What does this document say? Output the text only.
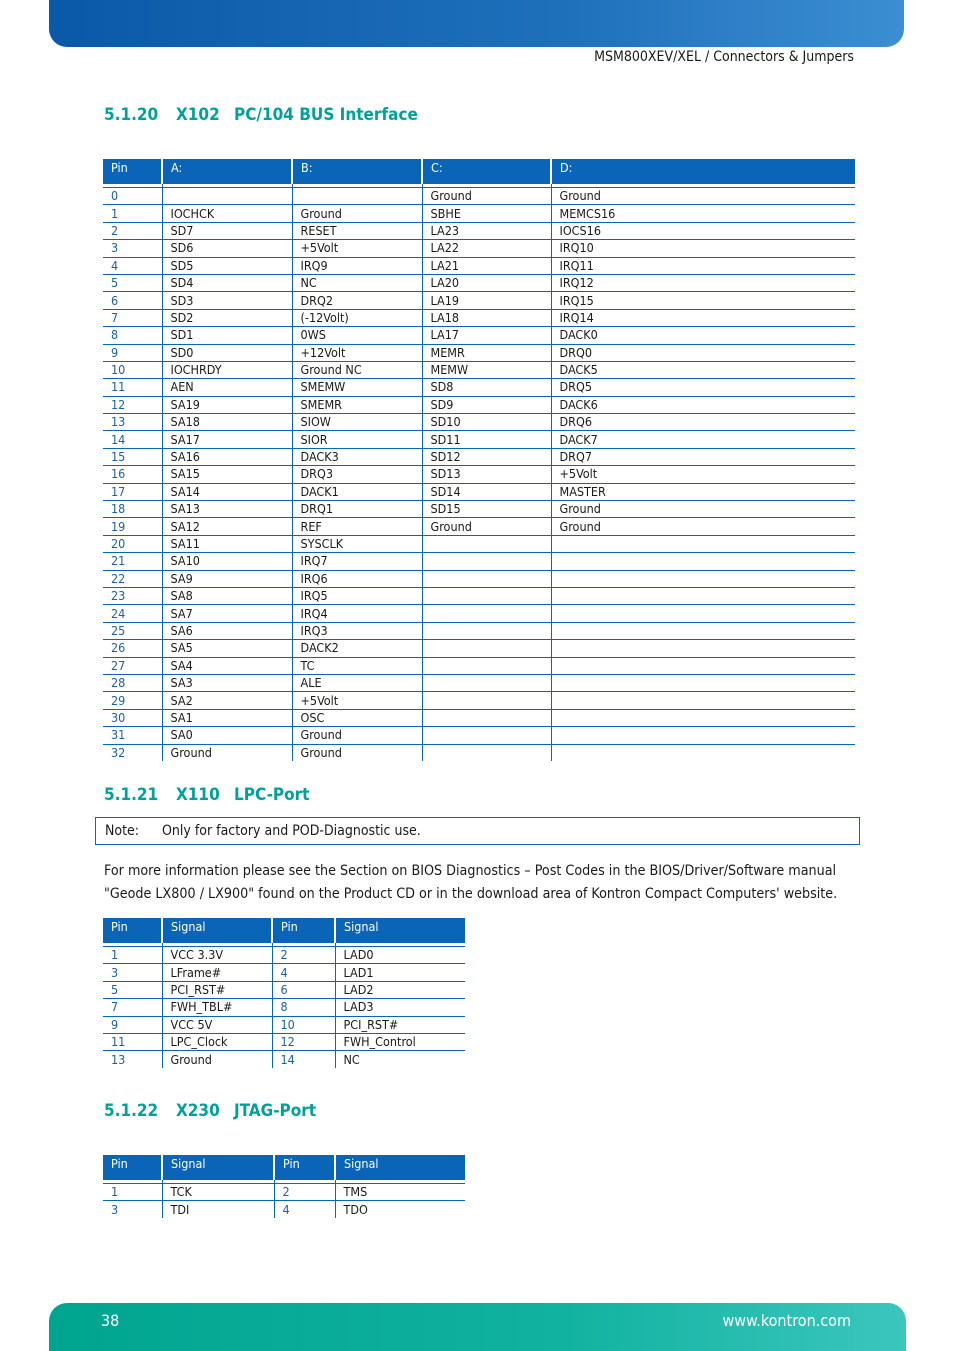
MSM800XEV/XEL / Connectors & Jumpers
5.1.20 X102 PC/104 BUS Interface
Pin	A:	B:	C:	D:

0			Ground	Ground
1	IOCHCK	Ground	SBHE	MEMCS16
2	SD7	RESET	LA23	IOCS16
3	SD6	+5Volt	LA22	IRQ10
4	SD5	IRQ9	LA21	IRQ11
5	SD4	NC	LA20	IRQ12
6	SD3	DRQ2	LA19	IRQ15
7	SD2	(-12Volt)	LA18	IRQ14
8	SD1	0WS	LA17	DACK0
9	SD0	+12Volt	MEMR	DRQ0
10	IOCHRDY	Ground NC	MEMW	DACK5
11	AEN	SMEMW	SD8	DRQ5
12	SA19	SMEMR	SD9	DACK6
13	SA18	SIOW	SD10	DRQ6
14	SA17	SIOR	SD11	DACK7
15	SA16	DACK3	SD12	DRQ7
16	SA15	DRQ3	SD13	+5Volt
17	SA14	DACK1	SD14	MASTER
18	SA13	DRQ1	SD15	Ground
19	SA12	REF	Ground	Ground
20	SA11	SYSCLK		
21	SA10	IRQ7		
22	SA9	IRQ6		
23	SA8	IRQ5		
24	SA7	IRQ4		
25	SA6	IRQ3		
26	SA5	DACK2		
27	SA4	TC		
28	SA3	ALE		
29	SA2	+5Volt		
30	SA1	OSC		
31	SA0	Ground		
32	Ground	Ground		
5.1.21 X110 LPC-Port
Note: Only for factory and POD-Diagnostic use.

For more information please see the Section on BIOS Diagnostics – Post Codes in the BIOS/Driver/Software manual "Geode LX800 / LX900" found on the Product CD or in the download area of Kontron Compact Computers' website.

Pin	Signal	Pin	Signal

1	VCC 3.3V	2	LAD0
3	LFrame#	4	LAD1
5	PCI_RST#	6	LAD2
7	FWH_TBL#	8	LAD3
9	VCC 5V	10	PCI_RST#
11	LPC_Clock	12	FWH_Control
13	Ground	14	NC
5.1.22 X230 JTAG-Port
Pin	Signal	Pin	Signal

1	TCK	2	TMS
3	TDI	4	TDO
38	www.kontron.com
